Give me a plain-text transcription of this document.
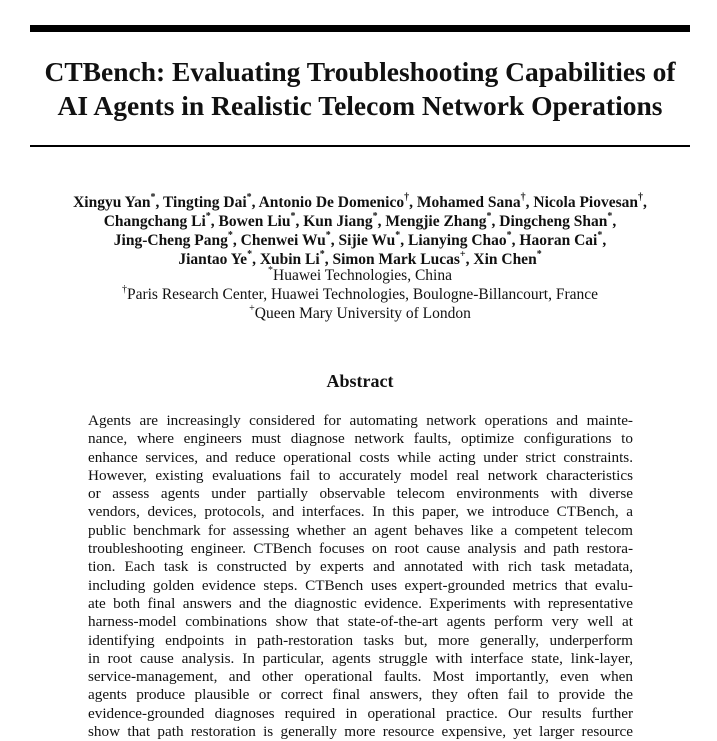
CTBench: Evaluating Troubleshooting Capabilities of
AI Agents in Realistic Telecom Network Operations
Xingyu Yan*, Tingting Dai*, Antonio De Domenico†, Mohamed Sana†, Nicola Piovesan†,
Changchang Li*, Bowen Liu*, Kun Jiang*, Mengjie Zhang*, Dingcheng Shan*,
Jing-Cheng Pang*, Chenwei Wu*, Sijie Wu*, Lianying Chao*, Haoran Cai*,
Jiantao Ye*, Xubin Li*, Simon Mark Lucas+, Xin Chen*
*Huawei Technologies, China
†Paris Research Center, Huawei Technologies, Boulogne-Billancourt, France
+Queen Mary University of London
Abstract
Agents are increasingly considered for automating network operations and mainte-
nance, where engineers must diagnose network faults, optimize configurations to
enhance services, and reduce operational costs while acting under strict constraints.
However, existing evaluations fail to accurately model real network characteristics
or assess agents under partially observable telecom environments with diverse
vendors, devices, protocols, and interfaces. In this paper, we introduce CTBench, a
public benchmark for assessing whether an agent behaves like a competent telecom
troubleshooting engineer. CTBench focuses on root cause analysis and path restora-
tion. Each task is constructed by experts and annotated with rich task metadata,
including golden evidence steps. CTBench uses expert-grounded metrics that evalu-
ate both final answers and the diagnostic evidence. Experiments with representative
harness-model combinations show that state-of-the-art agents perform very well at
identifying endpoints in path-restoration tasks but, more generally, underperform
in root cause analysis. In particular, agents struggle with interface state, link-layer,
service-management, and other operational faults. Most importantly, even when
agents produce plausible or correct final answers, they often fail to provide the
evidence-grounded diagnoses required in operational practice. Our results further
show that path restoration is generally more resource expensive, yet larger resource
